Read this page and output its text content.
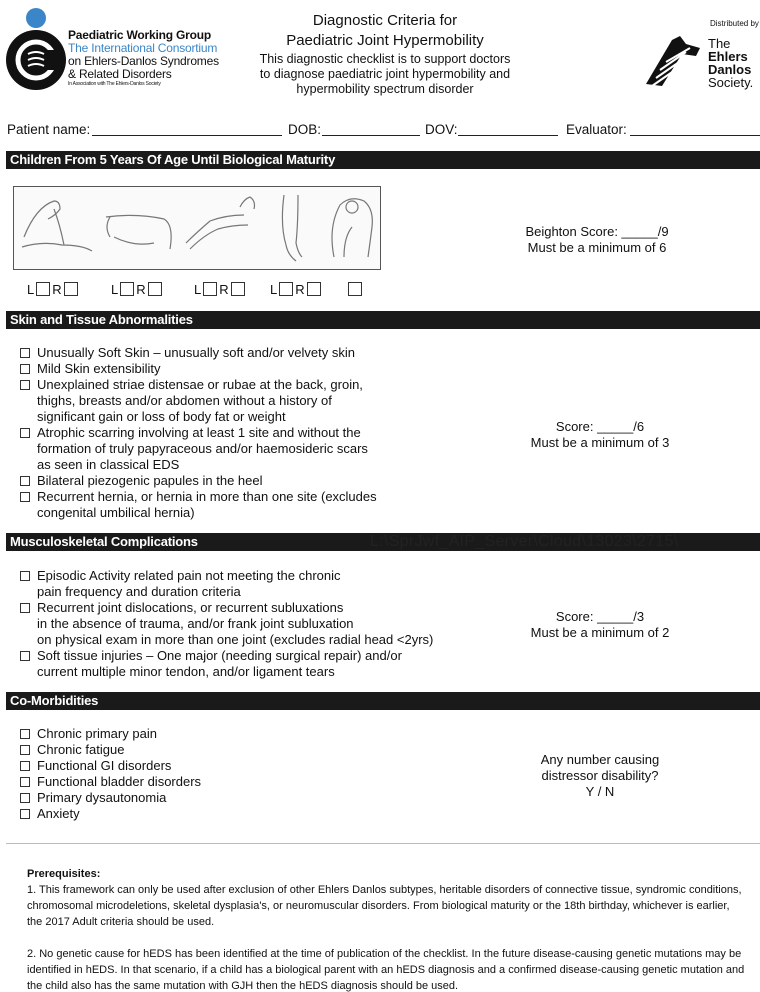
Paediatric Working Group
The International Consortium
on Ehlers-Danlos Syndromes
& Related Disorders
In Association with The Ehlers-Danlos Society
Diagnostic Criteria for
Paediatric Joint Hypermobility
This diagnostic checklist is to support doctors
to diagnose paediatric joint hypermobility and
hypermobility spectrum disorder
Distributed by
The
Ehlers
Danlos
Society.
Patient name:	DOB:	DOV:	Evaluator:
Children From 5 Years Of Age Until Biological Maturity
L R	L R	L R	L R
Beighton Score: _____/9
Must be a minimum of 6
Skin and Tissue Abnormalities
Unusually Soft Skin – unusually soft and/or velvety skin
Mild Skin extensibility
Unexplained striae distensae or rubae at the back, groin,
thighs, breasts and/or abdomen without a history of
significant gain or loss of body fat or weight
Atrophic scarring involving at least 1 site and without the
formation of truly papyraceous and/or haemosideric scars
as seen in classical EDS
Bilateral piezogenic papules in the heel
Recurrent hernia, or hernia in more than one site (excludes
congenital umbilical hernia)
Score: _____/6
Must be a minimum of 3
Musculoskeletal Complications	L:\SprJwf_AIP_Server\Cloud\13023\2715\
Episodic Activity related pain not meeting the chronic
pain frequency and duration criteria
Recurrent joint dislocations, or recurrent subluxations
in the absence of trauma, and/or frank joint subluxation
on physical exam in more than one joint (excludes radial head <2yrs)
Soft tissue injuries – One major (needing surgical repair) and/or
current multiple minor tendon, and/or ligament tears
Score: _____/3
Must be a minimum of 2
Co-Morbidities
Chronic primary pain
Chronic fatigue
Functional GI disorders
Functional bladder disorders
Primary dysautonomia
Anxiety
Any number causing
distressor disability?
Y / N
Prerequisites:
1. This framework can only be used after exclusion of other Ehlers Danlos subtypes, heritable disorders of connective tissue, syndromic conditions, chromosomal microdeletions, skeletal dysplasia's, or neuromuscular disorders. From biological maturity or the 18th birthday, whichever is earlier, the 2017 Adult criteria should be used.
2. No genetic cause for hEDS has been identified at the time of publication of the checklist. In the future disease-causing genetic mutations may be identified in hEDS. In that scenario, if a child has a biological parent with an hEDS diagnosis and a confirmed disease-causing genetic mutation and the child also has the same mutation with GJH then the hEDS diagnosis should be used.
